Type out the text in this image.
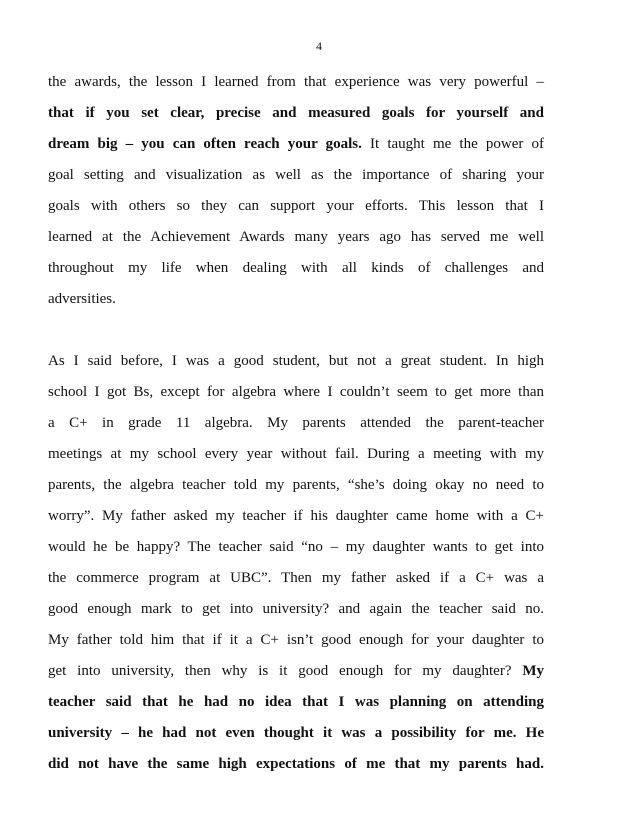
4
the awards, the lesson I learned from that experience was very powerful –
that if you set clear, precise and measured goals for yourself and
dream big – you can often reach your goals. It taught me the power of
goal setting and visualization as well as the importance of sharing your
goals with others so they can support your efforts. This lesson that I
learned at the Achievement Awards many years ago has served me well
throughout my life when dealing with all kinds of challenges and
adversities.
As I said before, I was a good student, but not a great student. In high
school I got Bs, except for algebra where I couldn’t seem to get more than
a C+ in grade 11 algebra. My parents attended the parent-teacher
meetings at my school every year without fail. During a meeting with my
parents, the algebra teacher told my parents, “she’s doing okay no need to
worry”. My father asked my teacher if his daughter came home with a C+
would he be happy? The teacher said “no – my daughter wants to get into
the commerce program at UBC”. Then my father asked if a C+ was a
good enough mark to get into university? and again the teacher said no.
My father told him that if it a C+ isn’t good enough for your daughter to
get into university, then why is it good enough for my daughter? My
teacher said that he had no idea that I was planning on attending
university – he had not even thought it was a possibility for me. He
did not have the same high expectations of me that my parents had.
